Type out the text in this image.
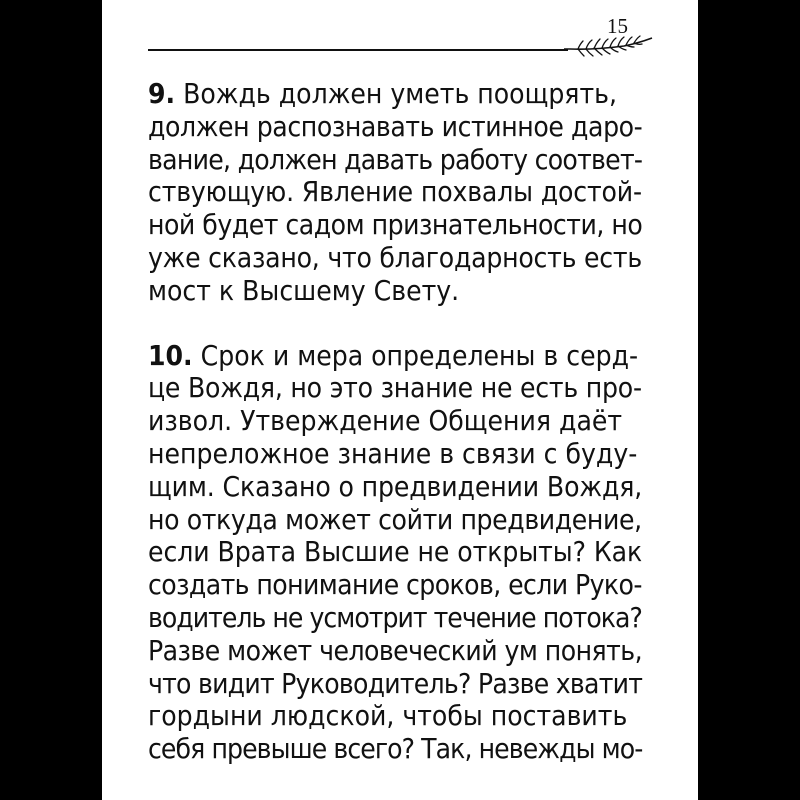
15

9. Вождь должен уметь поощрять,
должен распознавать истинное даро-
вание, должен давать работу соответ-
ствующую. Явление похвалы достой-
ной будет садом признательности, но
уже сказано, что благодарность есть
мост к Высшему Свету.

10. Срок и мера определены в серд-
це Вождя, но это знание не есть про-
извол. Утверждение Общения даёт
непреложное знание в связи с буду-
щим. Сказано о предвидении Вождя,
но откуда может сойти предвидение,
если Врата Высшие не открыты? Как
создать понимание сроков, если Руко-
водитель не усмотрит течение потока?
Разве может человеческий ум понять,
что видит Руководитель? Разве хватит
гордыни людской, чтобы поставить
себя превыше всего? Так, невежды мо-
